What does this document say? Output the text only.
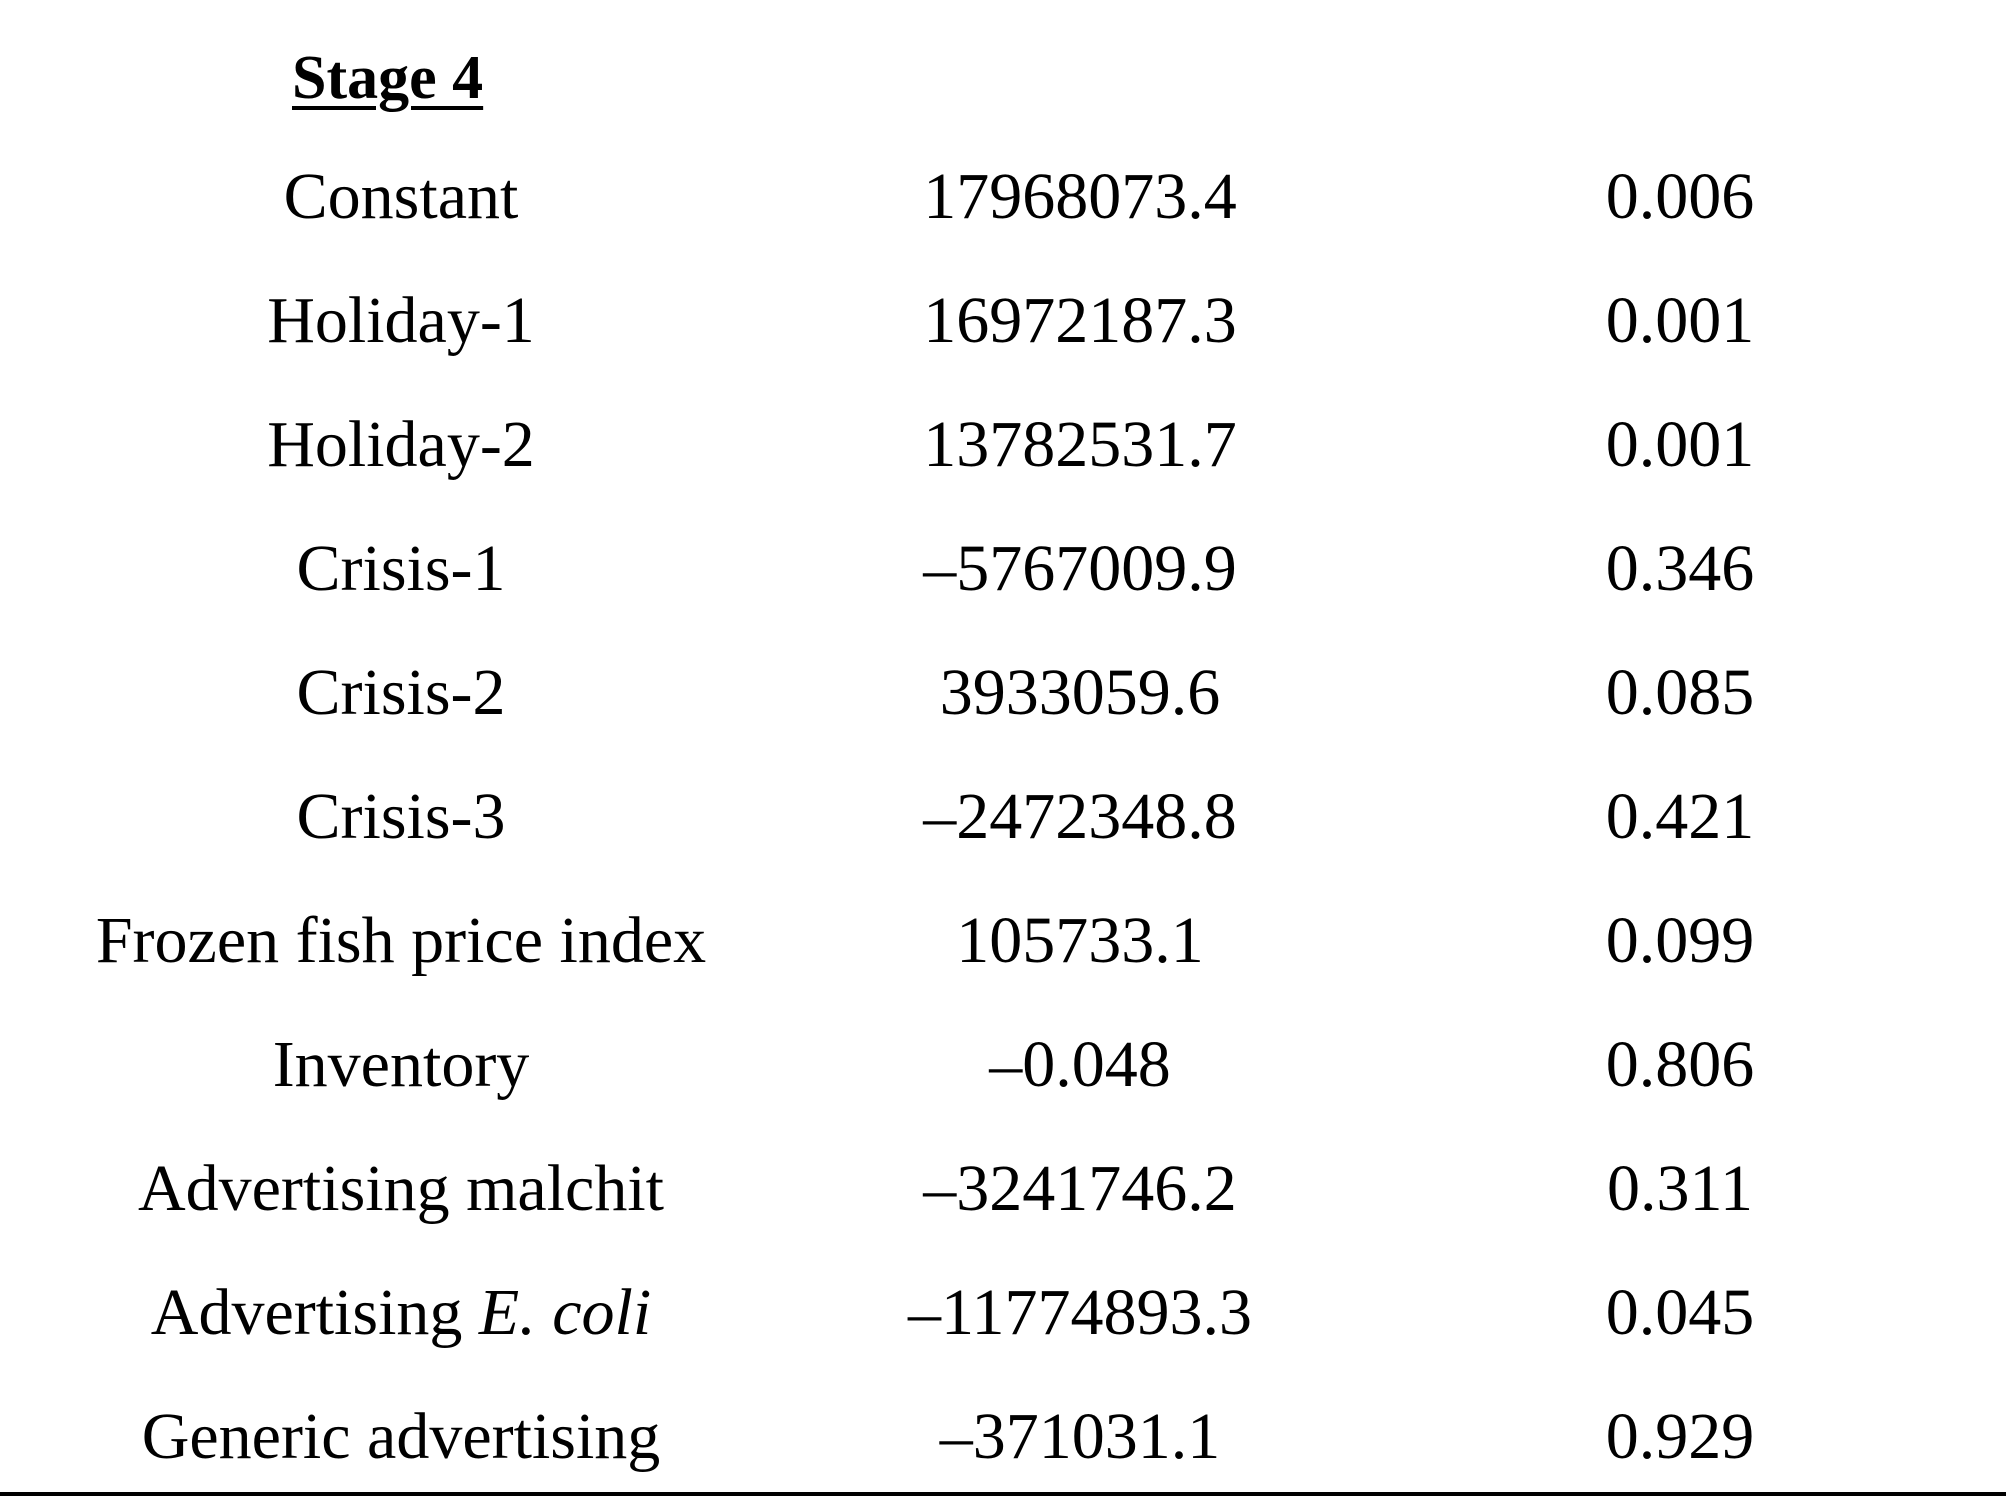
Stage 4
Constant	17968073.4	0.006
Holiday-1	16972187.3	0.001
Holiday-2	13782531.7	0.001
Crisis-1	–5767009.9	0.346
Crisis-2	3933059.6	0.085
Crisis-3	–2472348.8	0.421
Frozen fish price index	105733.1	0.099
Inventory	–0.048	0.806
Advertising malchit	–3241746.2	0.311
Advertising E. coli	–11774893.3	0.045
Generic advertising	–371031.1	0.929
